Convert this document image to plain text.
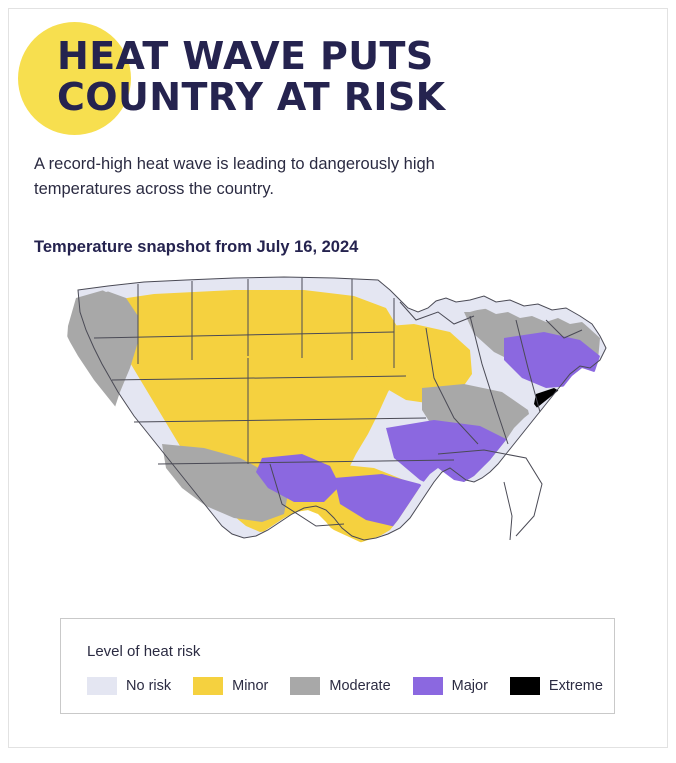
HEAT WAVE PUTS
COUNTRY AT RISK
A record-high heat wave is leading to dangerously high temperatures across the country.
Temperature snapshot from July 16, 2024
Level of heat risk
No risk	Minor	Moderate	Major	Extreme
